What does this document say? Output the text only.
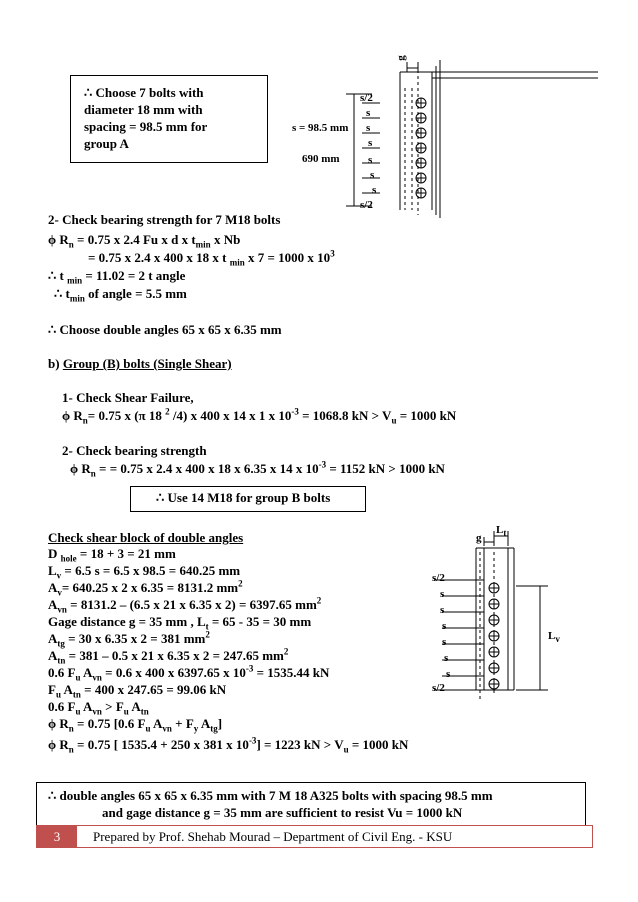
∴ Choose 7 bolts with
diameter 18 mm with
spacing = 98.5 mm for
group A
g
s/2
s
s
s
s
s
s
s/2
s = 98.5 mm
690 mm
2- Check bearing strength for 7 M18 bolts
ϕ $R_n = 0.75$ x 2.4 Fu x d x $t_{min}$ x Nb
= 0.75 x 2.4 x 400 x 18 x t $_{min}$ x 7 = 1000 x $10^3$
∴ t $_{min}$ = 11.02 = 2 t angle
∴ $t_{min}$ of angle = 5.5 mm
∴ Choose double angles 65 x 65 x 6.35 mm
b) Group (B) bolts (Single Shear)
1- Check Shear Failure,
ϕ $R_n= 0.75$ x (π 18 $^2$ /4) x 400 x 14 x 1 x $10^{-3} = 1068.8$ kN > $V_u = 1000$ kN
2- Check bearing strength
ϕ $R_n$ = = 0.75 x 2.4 x 400 x 18 x 6.35 x 14 x $10^{-3} = 1152$ kN > 1000 kN
∴ Use 14 M18 for group B bolts
Check shear block of double angles
D $_{hole}$ = 18 + 3 = 21 mm
$L_v = 6.5$ s = 6.5 x 98.5 = 640.25 mm
$A_v= 640.25$ x 2 x 6.35 = 8131.2 $mm^2$
$A_{vn} = 8131.2 - (6.5$ x 21 x 6.35 x 2) = 6397.65 $mm^2$
Gage distance g = 35 mm , $L_t = 65 - 35 = 30$ mm
$A_{tg} = 30$ x 6.35 x 2 = 381 $mm^2$
$A_{tn} = 381 - 0.5$ x 21 x 6.35 x 2 = 247.65 $mm^2$
0.6 $F_u$ $A_{vn} = 0.6$ x 400 x 6397.65 x $10^{-3} = 1535.44$ kN
$F_u$ $A_{tn} = 400$ x 247.65 = 99.06 kN
0.6 $F_u$ $A_{vn} > F_u$ $A_{tn}$
ϕ $R_n = 0.75$ [0.6 $F_u$ $A_{vn} + F_y$ $A_{tg}$]
ϕ $R_n = 0.75$ [ 1535.4 + 250 x 381 x $10^{-3}] = 1223$ kN > $V_u = 1000$ kN
g
$L_t$
$L_v$
s/2
s
s
s
s
s
s
s/2
∴ double angles 65 x 65 x 6.35 mm with 7 M 18 A325 bolts with spacing 98.5 mm
and gage distance g = 35 mm are sufficient to resist Vu = 1000 kN
3	Prepared by Prof. Shehab Mourad – Department of Civil Eng. - KSU
